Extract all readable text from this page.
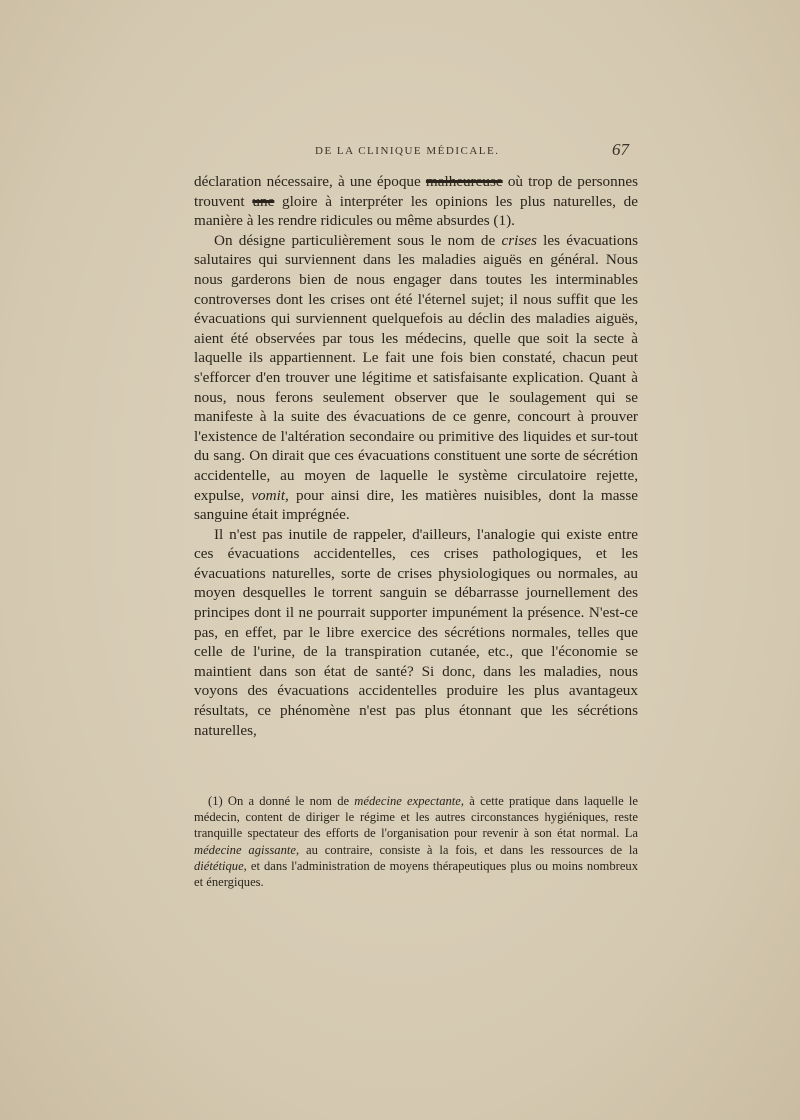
DE LA CLINIQUE MÉDICALE.	67

déclaration nécessaire, à une époque malheureuse où trop de personnes trouvent une gloire à interpréter les opinions les plus naturelles, de manière à les rendre ridicules ou même absurdes (1).

On désigne particulièrement sous le nom de crises les évacuations salutaires qui surviennent dans les maladies aiguës en général. Nous nous garderons bien de nous engager dans toutes les interminables controverses dont les crises ont été l'éternel sujet; il nous suffit que les évacuations qui surviennent quelquefois au déclin des maladies aiguës, aient été observées par tous les médecins, quelle que soit la secte à laquelle ils appartiennent. Le fait une fois bien constaté, chacun peut s'efforcer d'en trouver une légitime et satisfaisante explication. Quant à nous, nous ferons seulement observer que le soulagement qui se manifeste à la suite des évacuations de ce genre, concourt à prouver l'existence de l'altération secondaire ou primitive des liquides et sur-tout du sang. On dirait que ces évacuations constituent une sorte de sécrétion accidentelle, au moyen de laquelle le système circulatoire rejette, expulse, vomit, pour ainsi dire, les matières nuisibles, dont la masse sanguine était imprégnée.

Il n'est pas inutile de rappeler, d'ailleurs, l'analogie qui existe entre ces évacuations accidentelles, ces crises pathologiques, et les évacuations naturelles, sorte de crises physiologiques ou normales, au moyen desquelles le torrent sanguin se débarrasse journellement des principes dont il ne pourrait supporter impunément la présence. N'est-ce pas, en effet, par le libre exercice des sécrétions normales, telles que celle de l'urine, de la transpiration cutanée, etc., que l'économie se maintient dans son état de santé? Si donc, dans les maladies, nous voyons des évacuations accidentelles produire les plus avantageux résultats, ce phénomène n'est pas plus étonnant que les sécrétions naturelles,

(1) On a donné le nom de médecine expectante, à cette pratique dans laquelle le médecin, content de diriger le régime et les autres circonstances hygiéniques, reste tranquille spectateur des efforts de l'organisation pour revenir à son état normal. La médecine agissante, au contraire, consiste à la fois, et dans les ressources de la diététique, et dans l'administration de moyens thérapeutiques plus ou moins nombreux et énergiques.
